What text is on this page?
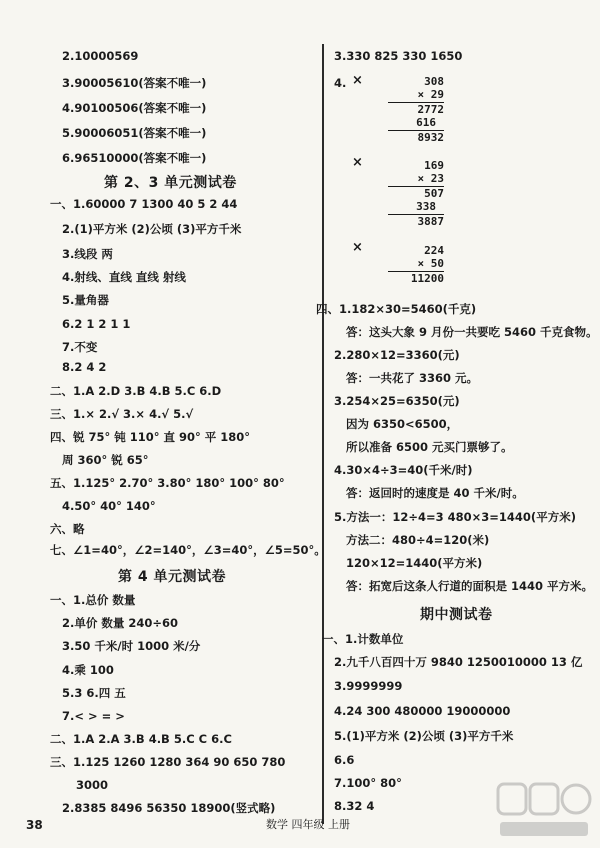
2.10000569
3.90005610(答案不唯一)
4.90100506(答案不唯一)
5.90006051(答案不唯一)
6.96510000(答案不唯一)
第 2、3 单元测试卷
一、1.60000 7 1300 40 5 2 44
2.(1)平方米 (2)公顷 (3)平方千米
3.线段 两
4.射线、直线 直线 射线
5.量角器
6.2 1 2 1 1
7.不变
8.2 4 2
二、1.A 2.D 3.B 4.B 5.C 6.D
三、1.× 2.√ 3.× 4.√ 5.√
四、锐 75° 钝 110° 直 90° 平 180°
周 360° 锐 65°
五、1.125° 2.70° 3.80° 180° 100° 80°
4.50° 40° 140°
六、略
七、∠1=40°，∠2=140°，∠3=40°，∠5=50°。
第 4 单元测试卷
一、1.总价 数量
2.单价 数量 240÷60
3.50 千米/时 1000 米/分
4.乘 100
5.3 6.四 五
7.< > = >
二、1.A 2.A 3.B 4.B 5.C C 6.C
三、1.125 1260 1280 364 90 650 780
3000
2.8385 8496 56350 18900(竖式略)
3.330 825 330 1650
4. ×	308
× 29
2772
616
8932
×	169
× 23
507
338
3887
×	224
× 50
11200
四、1.182×30=5460(千克)
答：这头大象 9 月份一共要吃 5460 千克食物。
2.280×12=3360(元)
答：一共花了 3360 元。
3.254×25=6350(元)
因为 6350<6500，
所以准备 6500 元买门票够了。
4.30×4÷3=40(千米/时)
答：返回时的速度是 40 千米/时。
5.方法一：12÷4=3 480×3=1440(平方米)
方法二：480÷4=120(米)
120×12=1440(平方米)
答：拓宽后这条人行道的面积是 1440 平方米。
期中测试卷
一、1.计数单位
2.九千八百四十万 9840 1250010000 13 亿
3.9999999
4.24 300 480000 19000000
5.(1)平方米 (2)公顷 (3)平方千米
6.6
7.100° 80°
8.32 4
38	数学 四年级 上册
